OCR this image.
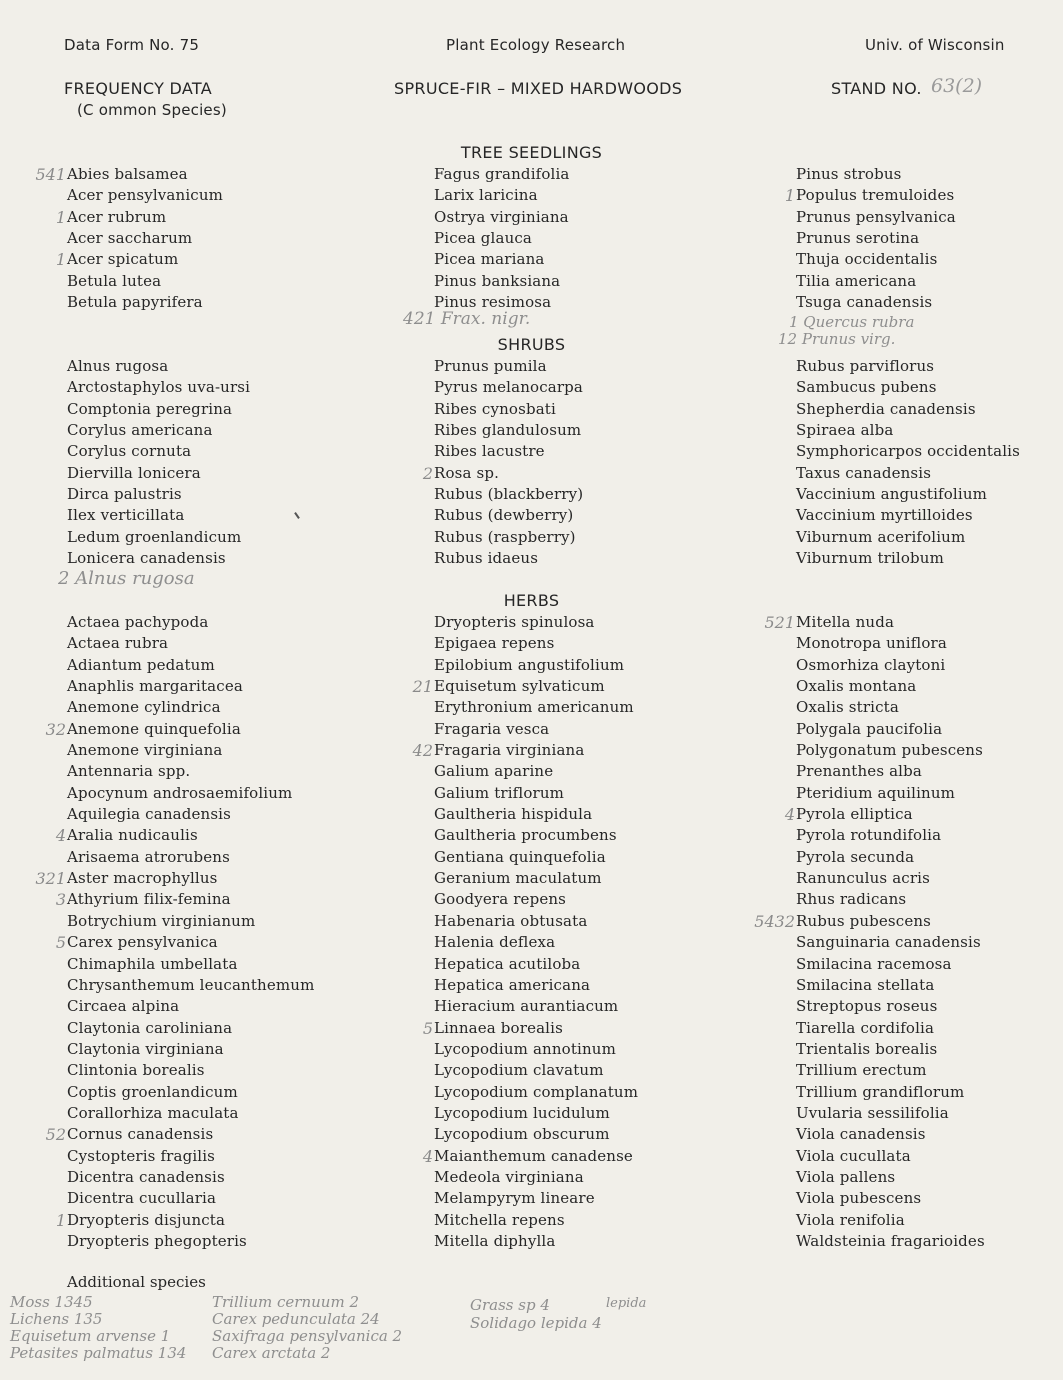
Data Form No. 75	Plant Ecology Research	Univ. of Wisconsin
FREQUENCY DATA
(C ommon Species)
SPRUCE-FIR – MIXED HARDWOODS	STAND NO. 63(2)
TREE SEEDLINGS
541 Abies balsamea
Acer pensylvanicum
1 Acer rubrum
Acer saccharum
1 Acer spicatum
Betula lutea
Betula papyrifera
Fagus grandifolia
Larix laricina
Ostrya virginiana
Picea glauca
Picea mariana
Pinus banksiana
Pinus resimosa
Pinus strobus
1 Populus tremuloides
Prunus pensylvanica
Prunus serotina
Thuja occidentalis
Tilia americana
Tsuga canadensis
421 Frax. nigr.	1 Quercus rubra
12 Prunus virg.
SHRUBS
Alnus rugosa
Arctostaphylos uva-ursi
Comptonia peregrina
Corylus americana
Corylus cornuta
Diervilla lonicera
Dirca palustris
Ilex verticillata
Ledum groenlandicum
Lonicera canadensis
Prunus pumila
Pyrus melanocarpa
Ribes cynosbati
Ribes glandulosum
Ribes lacustre
2 Rosa sp.
Rubus (blackberry)
Rubus (dewberry)
Rubus (raspberry)
Rubus idaeus
Rubus parviflorus
Sambucus pubens
Shepherdia canadensis
Spiraea alba
Symphoricarpos occidentalis
Taxus canadensis
Vaccinium angustifolium
Vaccinium myrtilloides
Viburnum acerifolium
Viburnum trilobum
2 Alnus rugosa
HERBS
Actaea pachypoda
Actaea rubra
Adiantum pedatum
Anaphlis margaritacea
Anemone cylindrica
32 Anemone quinquefolia
Anemone virginiana
Antennaria spp.
Apocynum androsaemifolium
Aquilegia canadensis
4 Aralia nudicaulis
Arisaema atrorubens
321 Aster macrophyllus
3 Athyrium filix-femina
Botrychium virginianum
5 Carex pensylvanica
Chimaphila umbellata
Chrysanthemum leucanthemum
Circaea alpina
Claytonia caroliniana
Claytonia virginiana
Clintonia borealis
Coptis groenlandicum
Corallorhiza maculata
52 Cornus canadensis
Cystopteris fragilis
Dicentra canadensis
Dicentra cucullaria
1 Dryopteris disjuncta
Dryopteris phegopteris
Dryopteris spinulosa
Epigaea repens
Epilobium angustifolium
21 Equisetum sylvaticum
Erythronium americanum
Fragaria vesca
42 Fragaria virginiana
Galium aparine
Galium triflorum
Gaultheria hispidula
Gaultheria procumbens
Gentiana quinquefolia
Geranium maculatum
Goodyera repens
Habenaria obtusata
Halenia deflexa
Hepatica acutiloba
Hepatica americana
Hieracium aurantiacum
5 Linnaea borealis
Lycopodium annotinum
Lycopodium clavatum
Lycopodium complanatum
Lycopodium lucidulum
Lycopodium obscurum
4 Maianthemum canadense
Medeola virginiana
Melampyrym lineare
Mitchella repens
Mitella diphylla
521 Mitella nuda
Monotropa uniflora
Osmorhiza claytoni
Oxalis montana
Oxalis stricta
Polygala paucifolia
Polygonatum pubescens
Prenanthes alba
Pteridium aquilinum
4 Pyrola elliptica
Pyrola rotundifolia
Pyrola secunda
Ranunculus acris
Rhus radicans
5432 Rubus pubescens
Sanguinaria canadensis
Smilacina racemosa
Smilacina stellata
Streptopus roseus
Tiarella cordifolia
Trientalis borealis
Trillium erectum
Trillium grandiflorum
Uvularia sessilifolia
Viola canadensis
Viola cucullata
Viola pallens
Viola pubescens
Viola renifolia
Waldsteinia fragarioides
Additional species
Moss 1345
Lichens 135
Equisetum arvense 1
Petasites palmatus 134
Trillium cernuum 2
Carex pedunculata 24
Saxifraga pensylvanica 2
Carex arctata 2
Grass sp 4
Solidago lepida 4
lepida
